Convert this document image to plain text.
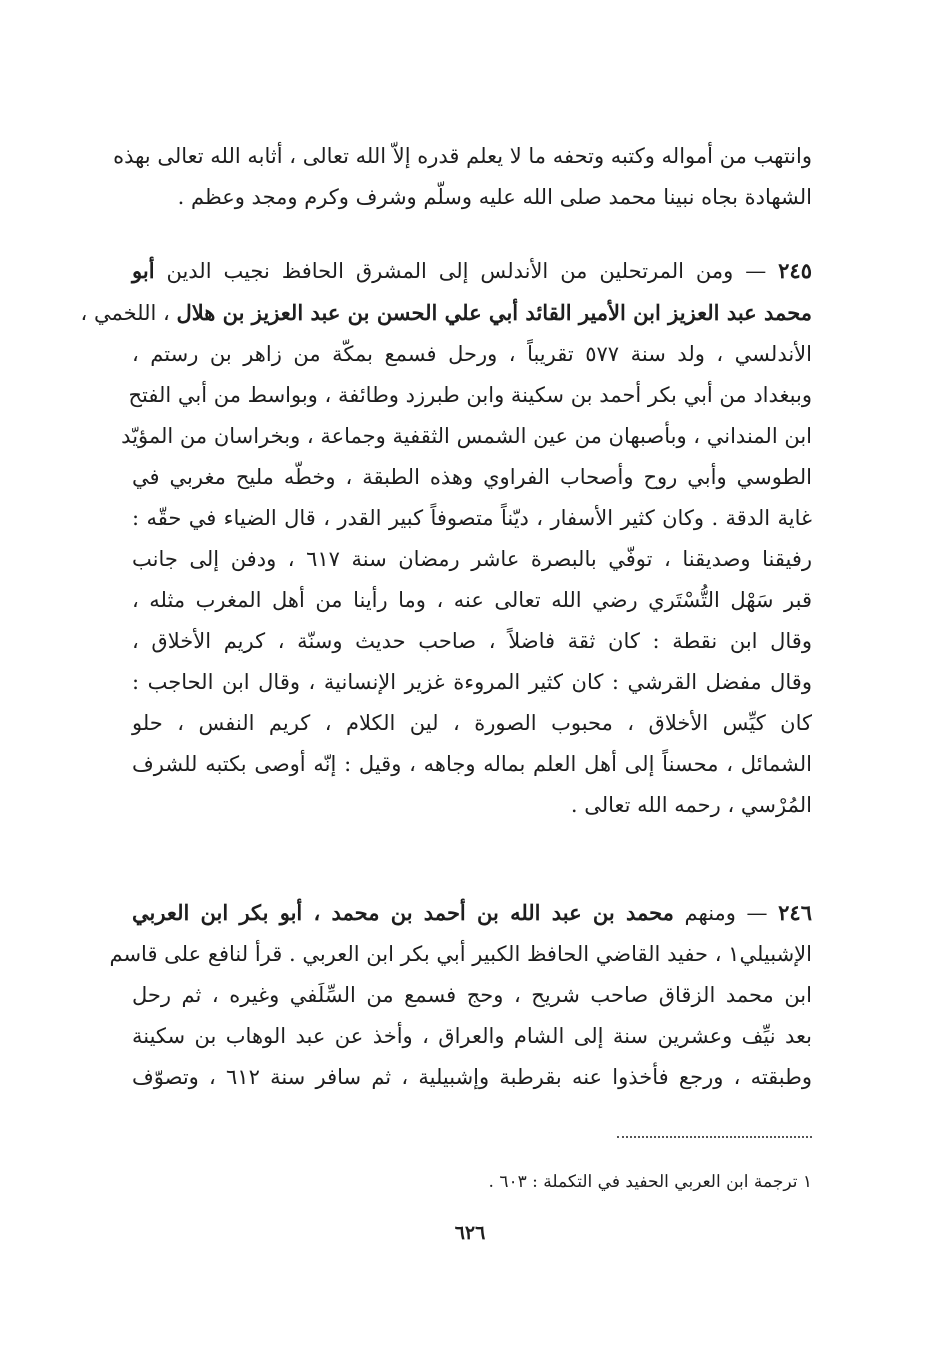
وانتهب من أمواله وكتبه وتحفه ما لا يعلم قدره إلاّ الله تعالى ، أثابه الله تعالى بهذه
الشهادة بجاه نبينا محمد صلى الله عليه وسلّم وشرف وكرم ومجد وعظم .
٢٤٥ — ومن المرتحلين من الأندلس إلى المشرق الحافظ نجيب الدين أبو
محمد عبد العزيز ابن الأمير القائد أبي علي الحسن بن عبد العزيز بن هلال ، اللخمي ،
الأندلسي ، ولد سنة ٥٧٧ تقريباً ، ورحل فسمع بمكّة من زاهر بن رستم ،
وببغداد من أبي بكر أحمد بن سكينة وابن طبرزد وطائفة ، وبواسط من أبي الفتح
ابن المنداني ، وبأصبهان من عين الشمس الثقفية وجماعة ، وبخراسان من المؤيّد
الطوسي وأبي روح وأصحاب الفراوي وهذه الطبقة ، وخطّه مليح مغربي في
غاية الدقة . وكان كثير الأسفار ، ديّناً متصوفاً كبير القدر ، قال الضياء في حقّه :
رفيقنا وصديقنا ، توفّي بالبصرة عاشر رمضان سنة ٦١٧ ، ودفن إلى جانب
قبر سَهْل التُّسْتَري رضي الله تعالى عنه ، وما رأينا من أهل المغرب مثله ،
وقال ابن نقطة : كان ثقة فاضلاً ، صاحب حديث وسنّة ، كريم الأخلاق ،
وقال مفضل القرشي : كان كثير المروءة غزير الإنسانية ، وقال ابن الحاجب :
كان كيِّس الأخلاق ، محبوب الصورة ، لين الكلام ، كريم النفس ، حلو
الشمائل ، محسناً إلى أهل العلم بماله وجاهه ، وقيل : إنّه أوصى بكتبه للشرف
المُرْسي ، رحمه الله تعالى .
٢٤٦ — ومنهم محمد بن عبد الله بن أحمد بن محمد ، أبو بكر ابن العربي
الإشبيلي١ ، حفيد القاضي الحافظ الكبير أبي بكر ابن العربي . قرأ لنافع على قاسم
ابن محمد الزقاق صاحب شريح ، وحج فسمع من السِّلَفي وغيره ، ثم رحل
بعد نيِّف وعشرين سنة إلى الشام والعراق ، وأخذ عن عبد الوهاب بن سكينة
وطبقته ، ورجع فأخذوا عنه بقرطبة وإشبيلية ، ثم سافر سنة ٦١٢ ، وتصوّف
١ ترجمة ابن العربي الحفيد في التكملة : ٦٠٣ .
٦٢٦
